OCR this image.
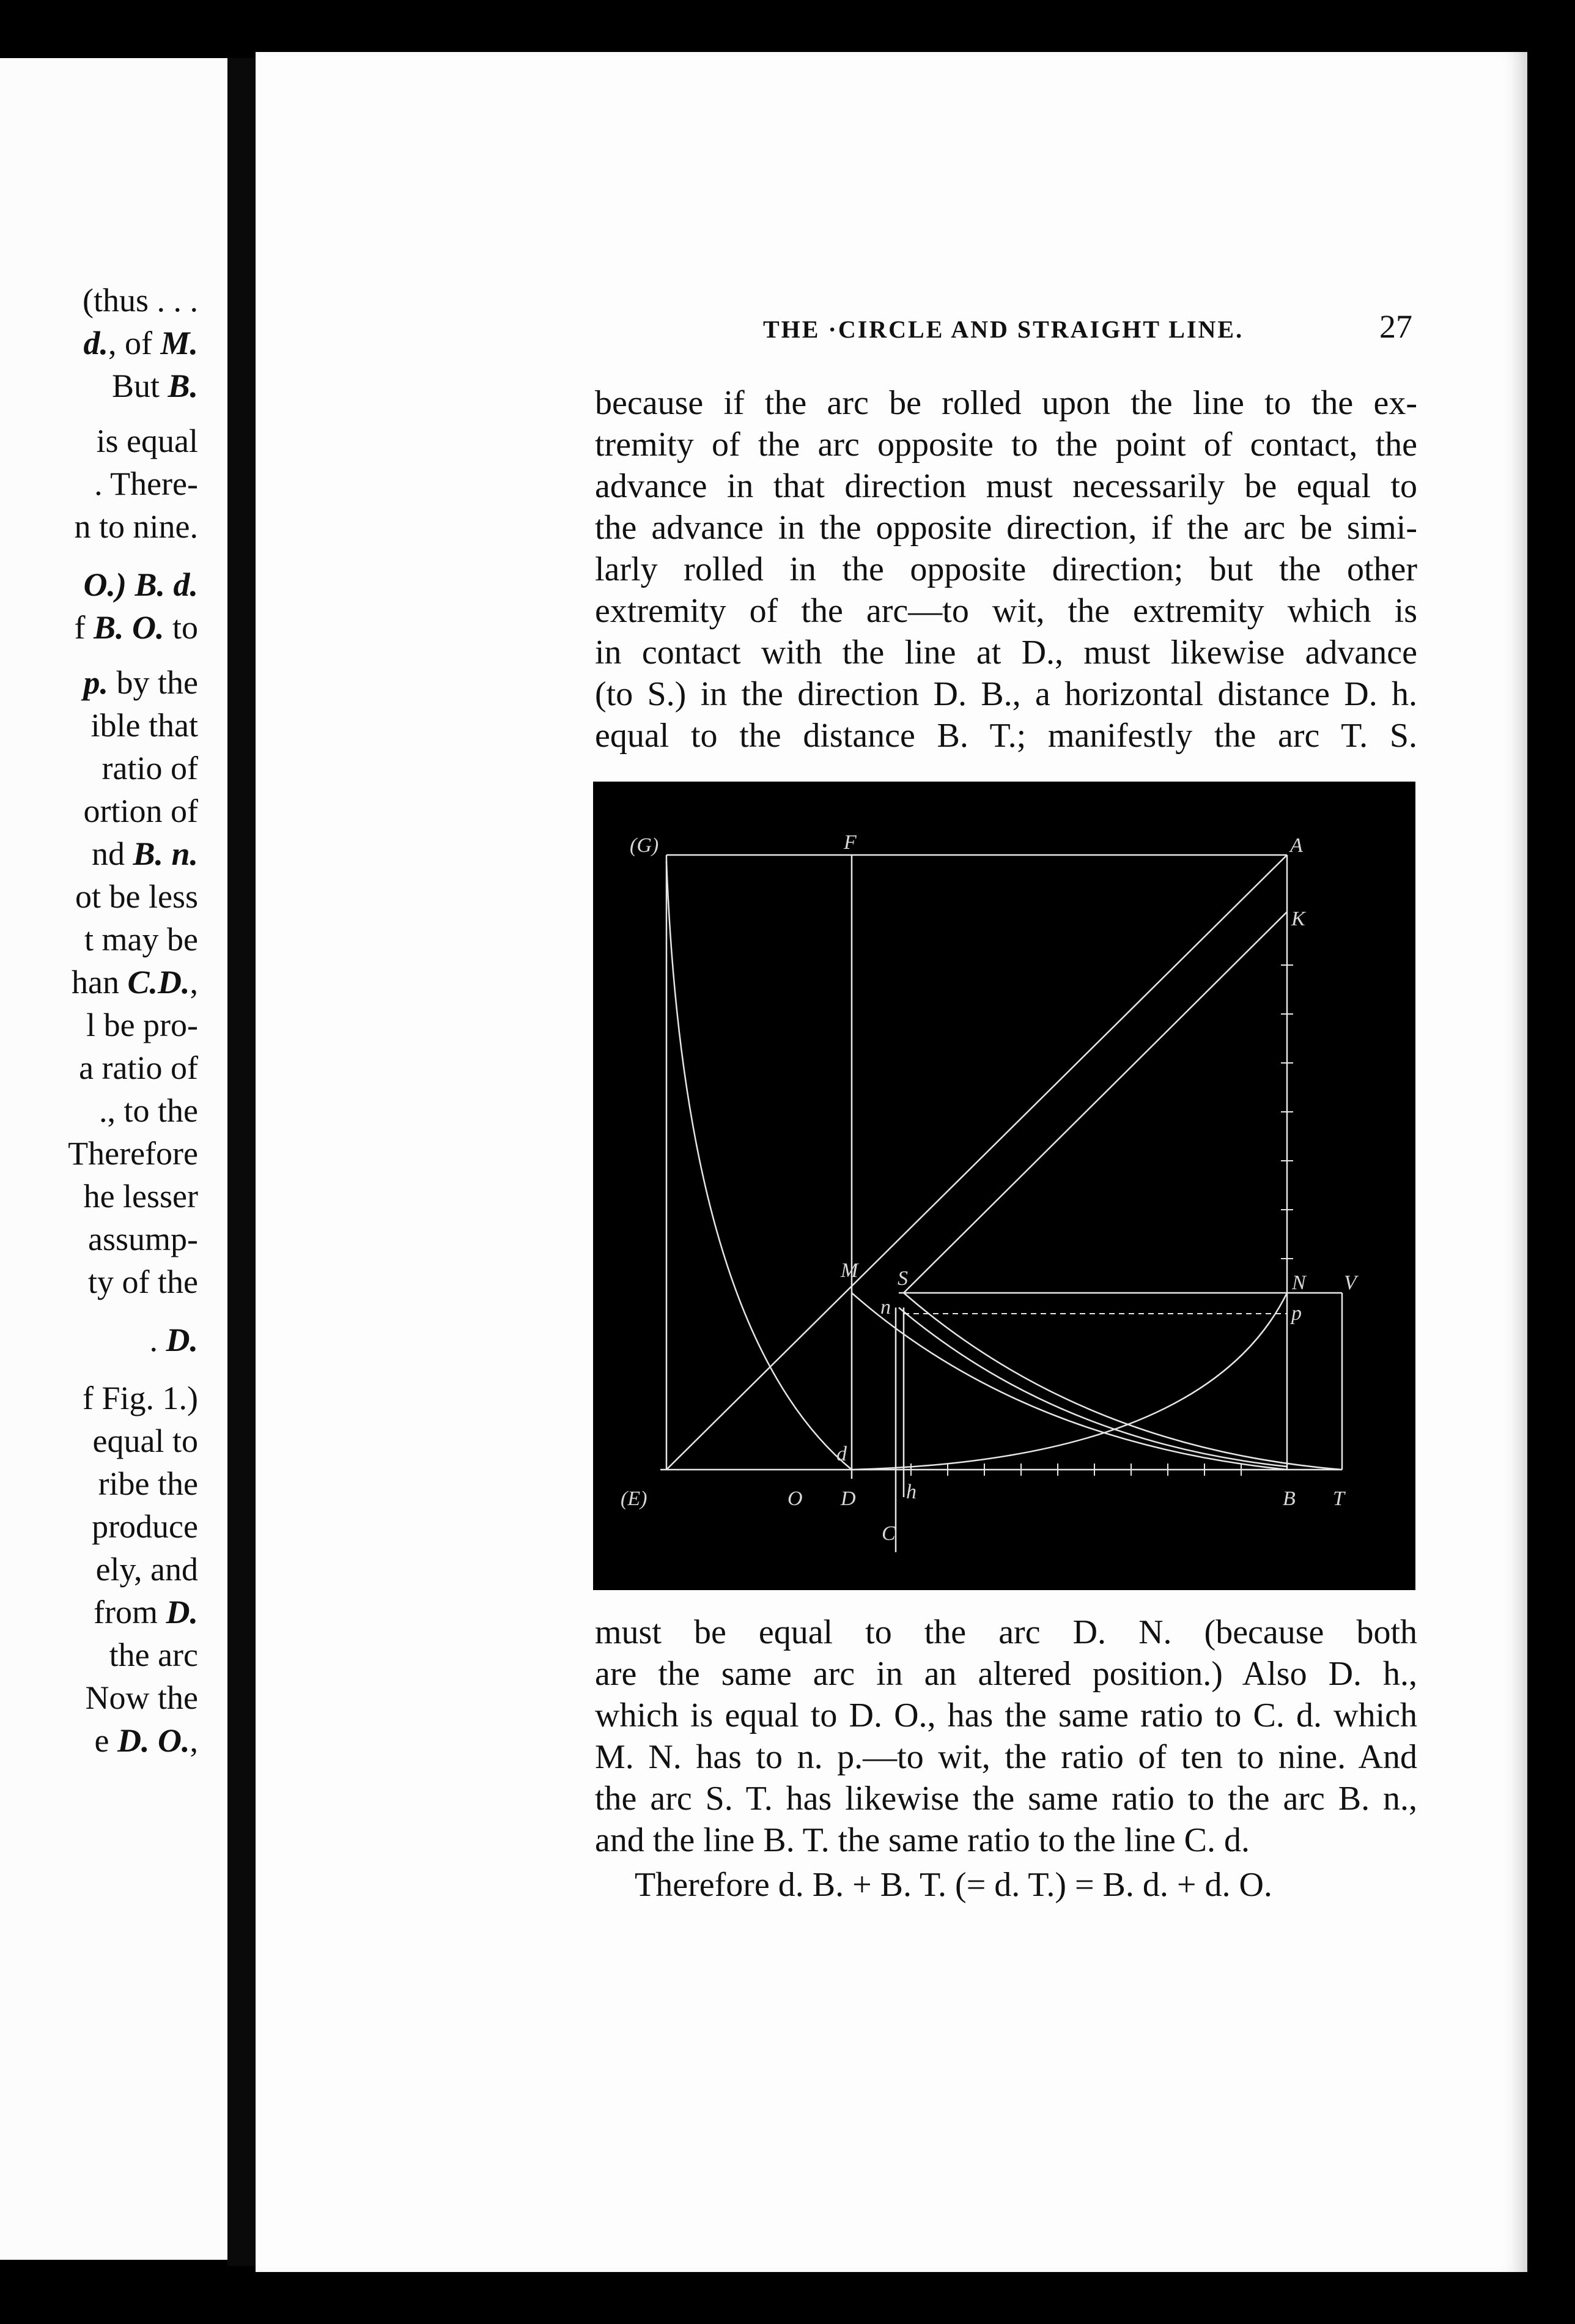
(thus . . .
d., of M.
But B.
is equal
. There-
n to nine.
O.) B. d.
f B. O. to
p. by the
ible that
ratio of
ortion of
nd B. n.
ot be less
t may be
han C.D.,
l be pro-
a ratio of
., to the
Therefore
he lesser
assump-
ty of the
. D.
f Fig. 1.)
equal to
ribe the
produce
ely, and
from D.
the arc
Now the
e D. O.,
THE ·CIRCLE AND STRAIGHT LINE.	27
because if the arc be rolled upon the line to the ex-
tremity of the arc opposite to the point of contact, the
advance in that direction must necessarily be equal to
the advance in the opposite direction, if the arc be simi-
larly rolled in the opposite direction; but the other
extremity of the arc—to wit, the extremity which is
in contact with the line at D., must likewise advance
(to S.) in the direction D. B., a horizontal distance D. h.
equal to the distance B. T.; manifestly the arc T. S.
(G)	F	A
K
M S
n
N V
p
d
(E)	O D h	B T
C
must be equal to the arc D. N. (because both
are the same arc in an altered position.) Also D. h.,
which is equal to D. O., has the same ratio to C. d. which
M. N. has to n. p.—to wit, the ratio of ten to nine. And
the arc S. T. has likewise the same ratio to the arc B. n.,
and the line B. T. the same ratio to the line C. d.
Therefore d. B. + B. T. (= d. T.) = B. d. + d. O.
